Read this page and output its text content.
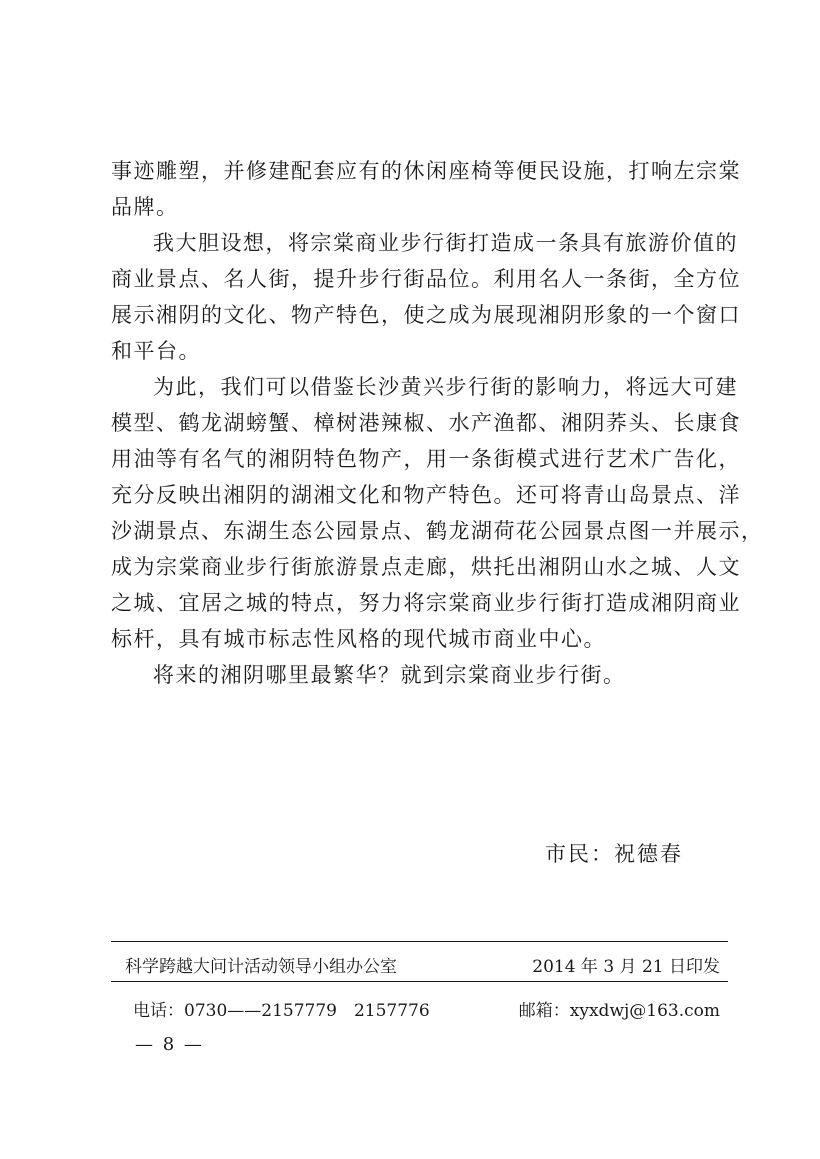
事迹雕塑，并修建配套应有的休闲座椅等便民设施，打响左宗棠
品牌。

我大胆设想，将宗棠商业步行街打造成一条具有旅游价值的
商业景点、名人街，提升步行街品位。利用名人一条街，全方位
展示湘阴的文化、物产特色，使之成为展现湘阴形象的一个窗口
和平台。

为此，我们可以借鉴长沙黄兴步行街的影响力，将远大可建
模型、鹤龙湖螃蟹、樟树港辣椒、水产渔都、湘阴荞头、长康食
用油等有名气的湘阴特色物产，用一条街模式进行艺术广告化，
充分反映出湘阴的湖湘文化和物产特色。还可将青山岛景点、洋
沙湖景点、东湖生态公园景点、鹤龙湖荷花公园景点图一并展示，
成为宗棠商业步行街旅游景点走廊，烘托出湘阴山水之城、人文
之城、宜居之城的特点，努力将宗棠商业步行街打造成湘阴商业
标杆，具有城市标志性风格的现代城市商业中心。

将来的湘阴哪里最繁华？就到宗棠商业步行街。

市民：祝德春
科学跨越大问计活动领导小组办公室	2014 年 3 月 21 日印发
电话：0730——2157779　2157776	邮箱：xyxdwj@163.com
— 8 —
